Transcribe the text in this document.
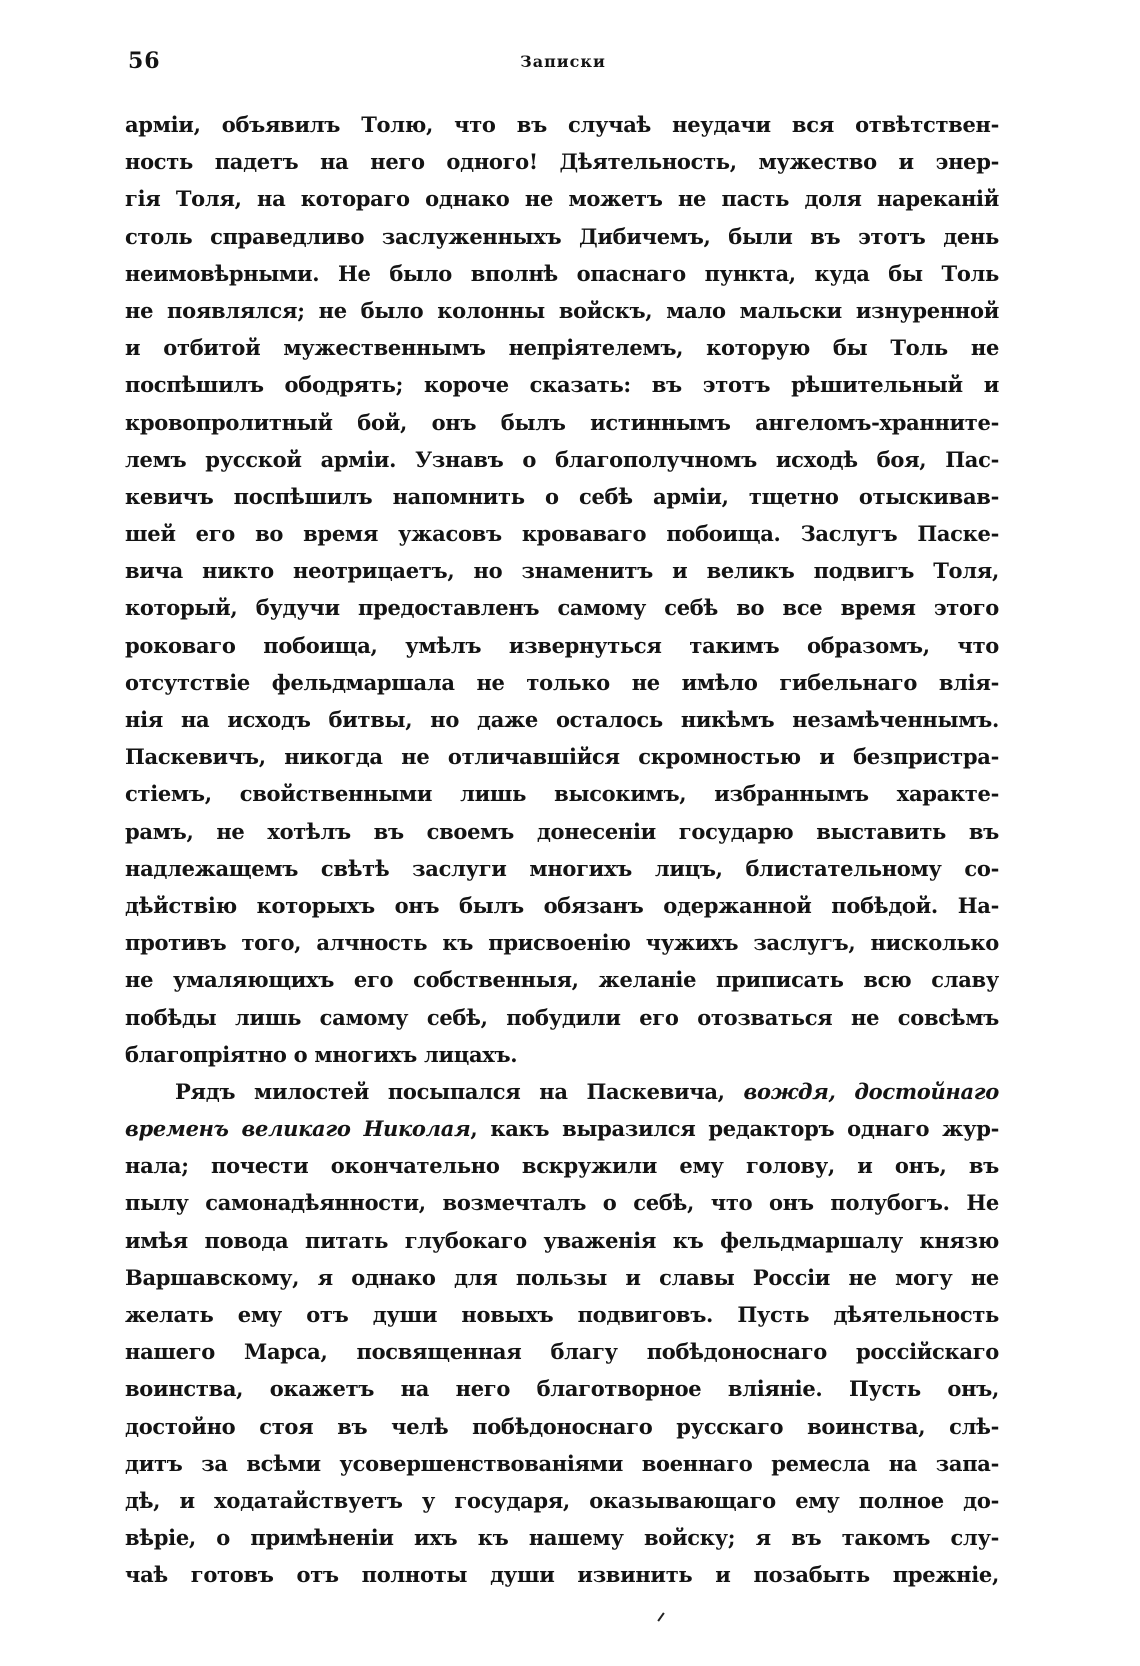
56	Записки
арміи, объявилъ Толю, что въ случаѣ неудачи вся отвѣтствен-
ность падетъ на него одного! Дѣятельность, мужество и энер-
гія Толя, на котораго однако не можетъ не пасть доля нареканій
столь справедливо заслуженныхъ Дибичемъ, были въ этотъ день
неимовѣрными. Не было вполнѣ опаснаго пункта, куда бы Толь
не появлялся; не было колонны войскъ, мало мальски изнуренной
и отбитой мужественнымъ непріятелемъ, которую бы Толь не
поспѣшилъ ободрять; короче сказать: въ этотъ рѣшительный и
кровопролитный бой, онъ былъ истиннымъ ангеломъ-хранните-
лемъ русской арміи. Узнавъ о благополучномъ исходѣ боя, Пас-
кевичъ поспѣшилъ напомнить о себѣ арміи, тщетно отыскивав-
шей его во время ужасовъ кроваваго побоища. Заслугъ Паске-
вича никто неотрицаетъ, но знаменитъ и великъ подвигъ Толя,
который, будучи предоставленъ самому себѣ во все время этого
роковаго побоища, умѣлъ извернуться такимъ образомъ, что
отсутствіе фельдмаршала не только не имѣло гибельнаго влія-
нія на исходъ битвы, но даже осталось никѣмъ незамѣченнымъ.
Паскевичъ, никогда не отличавшійся скромностью и безпристра-
стіемъ, свойственными лишь высокимъ, избраннымъ характе-
рамъ, не хотѣлъ въ своемъ донесеніи государю выставить въ
надлежащемъ свѣтѣ заслуги многихъ лицъ, блистательному со-
дѣйствію которыхъ онъ былъ обязанъ одержанной побѣдой. На-
противъ того, алчность къ присвоенію чужихъ заслугъ, нисколько
не умаляющихъ его собственныя, желаніе приписать всю славу
побѣды лишь самому себѣ, побудили его отозваться не совсѣмъ
благопріятно о многихъ лицахъ.
Рядъ милостей посыпался на Паскевича, вождя, достойнаго
временъ великаго Николая, какъ выразился редакторъ однаго жур-
нала; почести окончательно вскружили ему голову, и онъ, въ
пылу самонадѣянности, возмечталъ о себѣ, что онъ полубогъ. Не
имѣя повода питать глубокаго уваженія къ фельдмаршалу князю
Варшавскому, я однако для пользы и славы Россіи не могу не
желать ему отъ души новыхъ подвиговъ. Пусть дѣятельность
нашего Марса, посвященная благу побѣдоноснаго россійскаго
воинства, окажетъ на него благотворное вліяніе. Пусть онъ,
достойно стоя въ челѣ побѣдоноснаго русскаго воинства, слѣ-
дитъ за всѣми усовершенствованіями военнаго ремесла на запа-
дѣ, и ходатайствуетъ у государя, оказывающаго ему полное до-
вѣріе, о примѣненіи ихъ къ нашему войску; я въ такомъ слу-
чаѣ готовъ отъ полноты души извинить и позабыть прежніе,
